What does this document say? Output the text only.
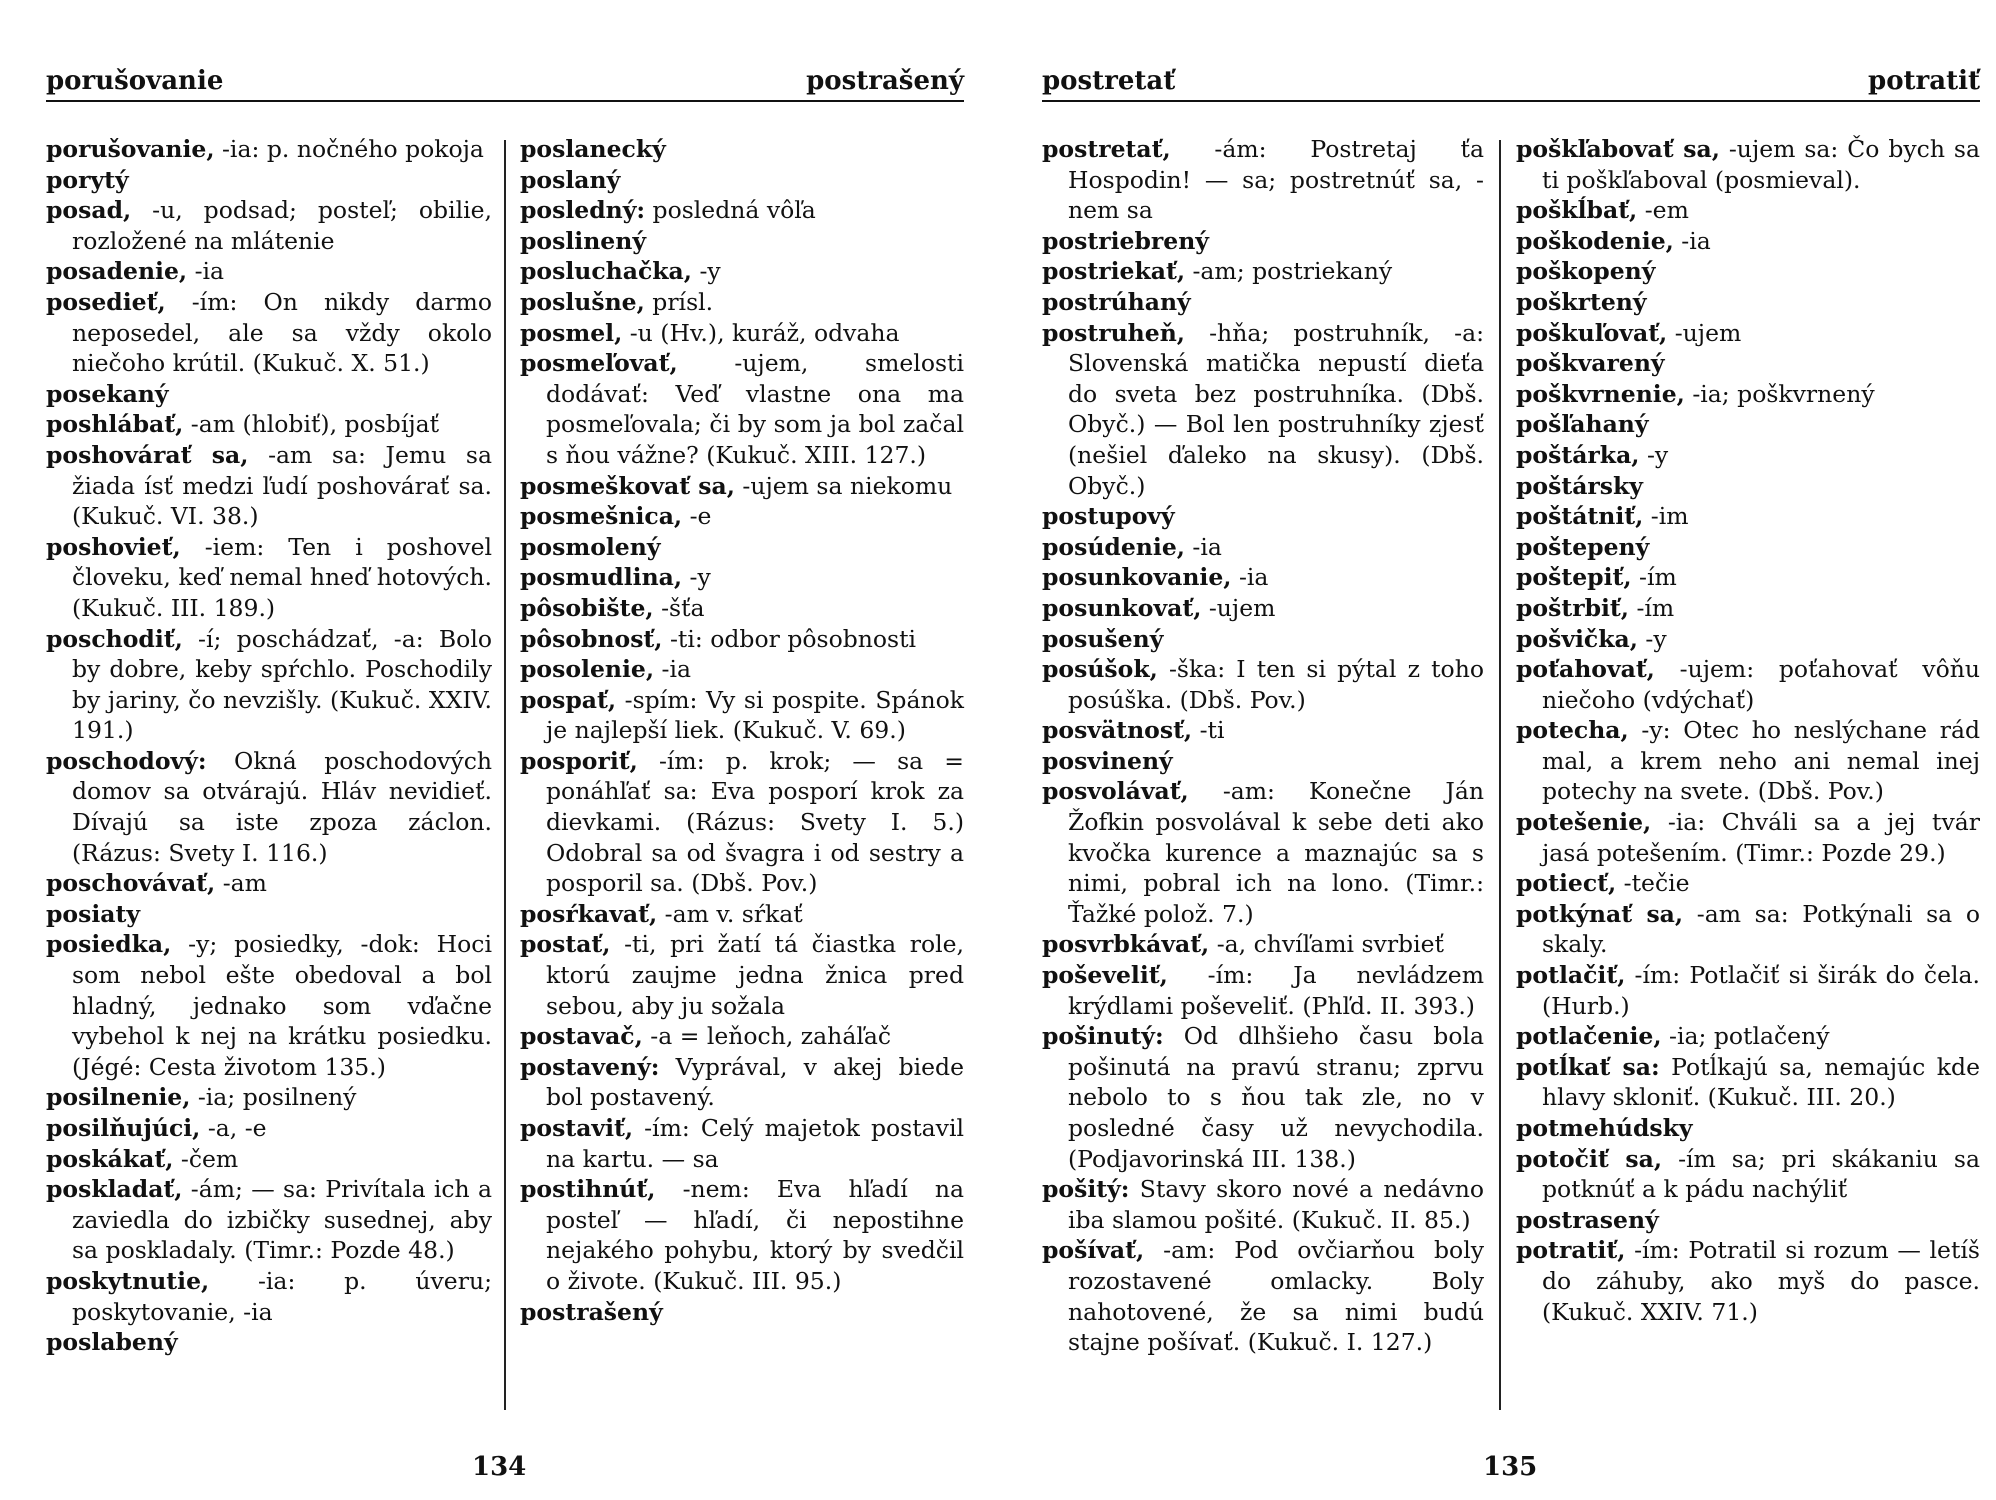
porušovanie	postrašený

porušovanie, -ia: p. nočného pokoja

porytý

posad, -u, podsad; posteľ; obilie, rozložené na mlátenie

posadenie, -ia

posedieť, -ím: On nikdy darmo neposedel, ale sa vždy okolo niečoho krútil. (Kukuč. X. 51.)

posekaný

poshlábať, -am (hlobiť), posbíjať

poshovárať sa, -am sa: Jemu sa žiada ísť medzi ľudí poshovárať sa. (Kukuč. VI. 38.)

poshovieť, -iem: Ten i poshovel človeku, keď nemal hneď hotových. (Kukuč. III. 189.)

poschodiť, -í; poschádzať, -a: Bolo by dobre, keby spŕchlo. Poschodily by jariny, čo nevzišly. (Kukuč. XXIV. 191.)

poschodový: Okná poschodových domov sa otvárajú. Hláv nevidieť. Dívajú sa iste zpoza záclon. (Rázus: Svety I. 116.)

poschovávať, -am

posiaty

posiedka, -y; posiedky, -dok: Hoci som nebol ešte obedoval a bol hladný, jednako som vďačne vybehol k nej na krátku posiedku. (Jégé: Cesta životom 135.)

posilnenie, -ia; posilnený

posilňujúci, -a, -e

poskákať, -čem

poskladať, -ám; — sa: Privítala ich a zaviedla do izbičky susednej, aby sa poskladaly. (Timr.: Pozde 48.)

poskytnutie, -ia: p. úveru; poskytovanie, -ia

poslabený

poslanecký

poslaný

posledný: posledná vôľa

poslinený

posluchačka, -y

poslušne, prísl.

posmel, -u (Hv.), kuráž, odvaha

posmeľovať, -ujem, smelosti dodávať: Veď vlastne ona ma posmeľovala; či by som ja bol začal s ňou vážne? (Kukuč. XIII. 127.)

posmeškovať sa, -ujem sa niekomu

posmešnica, -e

posmolený

posmudlina, -y

pôsobište, -šťa

pôsobnosť, -ti: odbor pôsobnosti

posolenie, -ia

pospať, -spím: Vy si pospite. Spánok je najlepší liek. (Kukuč. V. 69.)

posporiť, -ím: p. krok; — sa = ponáhľať sa: Eva posporí krok za dievkami. (Rázus: Svety I. 5.) Odobral sa od švagra i od sestry a posporil sa. (Dbš. Pov.)

posŕkavať, -am v. sŕkať

postať, -ti, pri žatí tá čiastka role, ktorú zaujme jedna žnica pred sebou, aby ju sožala

postavač, -a = leňoch, zaháľač

postavený: Vyprával, v akej biede bol postavený.

postaviť, -ím: Celý majetok postavil na kartu. — sa

postihnúť, -nem: Eva hľadí na posteľ — hľadí, či nepostihne nejakého pohybu, ktorý by svedčil o živote. (Kukuč. III. 95.)

postrašený

134
postretať	potratiť

postretať, -ám: Postretaj ťa Hospodin! — sa; postretnúť sa, -nem sa

postriebrený

postriekať, -am; postriekaný

postrúhaný

postruheň, -hňa; postruhník, -a: Slovenská matička nepustí dieťa do sveta bez postruhníka. (Dbš. Obyč.) — Bol len postruhníky zjesť (nešiel ďaleko na skusy). (Dbš. Obyč.)

postupový

posúdenie, -ia

posunkovanie, -ia

posunkovať, -ujem

posušený

posúšok, -ška: I ten si pýtal z toho posúška. (Dbš. Pov.)

posvätnosť, -ti

posvinený

posvolávať, -am: Konečne Ján Žofkin posvolával k sebe deti ako kvočka kurence a maznajúc sa s nimi, pobral ich na lono. (Timr.: Ťažké polož. 7.)

posvrbkávať, -a, chvíľami svrbieť

poševeliť, -ím: Ja nevládzem krýdlami poševeliť. (Phľd. II. 393.)

pošinutý: Od dlhšieho času bola pošinutá na pravú stranu; zprvu nebolo to s ňou tak zle, no v posledné časy už nevychodila. (Podjavorinská III. 138.)

pošitý: Stavy skoro nové a nedávno iba slamou pošité. (Kukuč. II. 85.)

pošívať, -am: Pod ovčiarňou boly rozostavené omlacky. Boly nahotovené, že sa nimi budú stajne pošívať. (Kukuč. I. 127.)

poškľabovať sa, -ujem sa: Čo bych sa ti poškľaboval (posmieval).

poškĺbať, -em

poškodenie, -ia

poškopený

poškrtený

poškuľovať, -ujem

poškvarený

poškvrnenie, -ia; poškvrnený

pošľahaný

poštárka, -y

poštársky

poštátniť, -im

poštepený

poštepiť, -ím

poštrbiť, -ím

pošvička, -y

poťahovať, -ujem: poťahovať vôňu niečoho (vdýchať)

potecha, -y: Otec ho neslýchane rád mal, a krem neho ani nemal inej potechy na svete. (Dbš. Pov.)

potešenie, -ia: Chváli sa a jej tvár jasá potešením. (Timr.: Pozde 29.)

potiecť, -tečie

potkýnať sa, -am sa: Potkýnali sa o skaly.

potlačiť, -ím: Potlačiť si širák do čela. (Hurb.)

potlačenie, -ia; potlačený

potĺkať sa: Potĺkajú sa, nemajúc kde hlavy skloniť. (Kukuč. III. 20.)

potmehúdsky

potočiť sa, -ím sa; pri skákaniu sa potknúť a k pádu nachýliť

postrasený

potratiť, -ím: Potratil si rozum — letíš do záhuby, ako myš do pasce. (Kukuč. XXIV. 71.)

135
